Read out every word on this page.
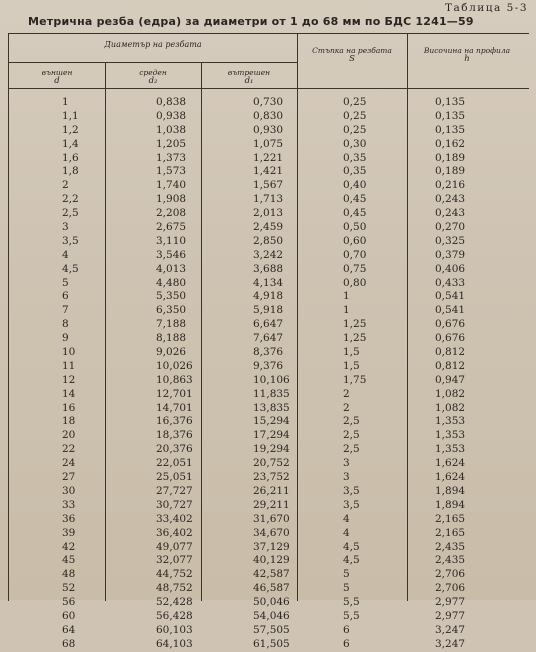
Таблица 5-3
Метрична резба (едра) за диаметри от 1 до 68 мм по БДС 1241—59
Диаметър на резбата
външен
d
среден
d₂
вътрешен
d₁
Стъпка на резбата
S
Височина на профила
h
1	0,838	0,730	0,25	0,135
1,1	0,938	0,830	0,25	0,135
1,2	1,038	0,930	0,25	0,135
1,4	1,205	1,075	0,30	0,162
1,6	1,373	1,221	0,35	0,189
1,8	1,573	1,421	0,35	0,189
2	1,740	1,567	0,40	0,216
2,2	1,908	1,713	0,45	0,243
2,5	2,208	2,013	0,45	0,243
3	2,675	2,459	0,50	0,270
3,5	3,110	2,850	0,60	0,325
4	3,546	3,242	0,70	0,379
4,5	4,013	3,688	0,75	0,406
5	4,480	4,134	0,80	0,433
6	5,350	4,918	1	0,541
7	6,350	5,918	1	0,541
8	7,188	6,647	1,25	0,676
9	8,188	7,647	1,25	0,676
10	9,026	8,376	1,5	0,812
11	10,026	9,376	1,5	0,812
12	10,863	10,106	1,75	0,947
14	12,701	11,835	2	1,082
16	14,701	13,835	2	1,082
18	16,376	15,294	2,5	1,353
20	18,376	17,294	2,5	1,353
22	20,376	19,294	2,5	1,353
24	22,051	20,752	3	1,624
27	25,051	23,752	3	1,624
30	27,727	26,211	3,5	1,894
33	30,727	29,211	3,5	1,894
36	33,402	31,670	4	2,165
39	36,402	34,670	4	2,165
42	49,077	37,129	4,5	2,435
45	32,077	40,129	4,5	2,435
48	44,752	42,587	5	2,706
52	48,752	46,587	5	2,706
56	52,428	50,046	5,5	2,977
60	56,428	54,046	5,5	2,977
64	60,103	57,505	6	3,247
68	64,103	61,505	6	3,247
